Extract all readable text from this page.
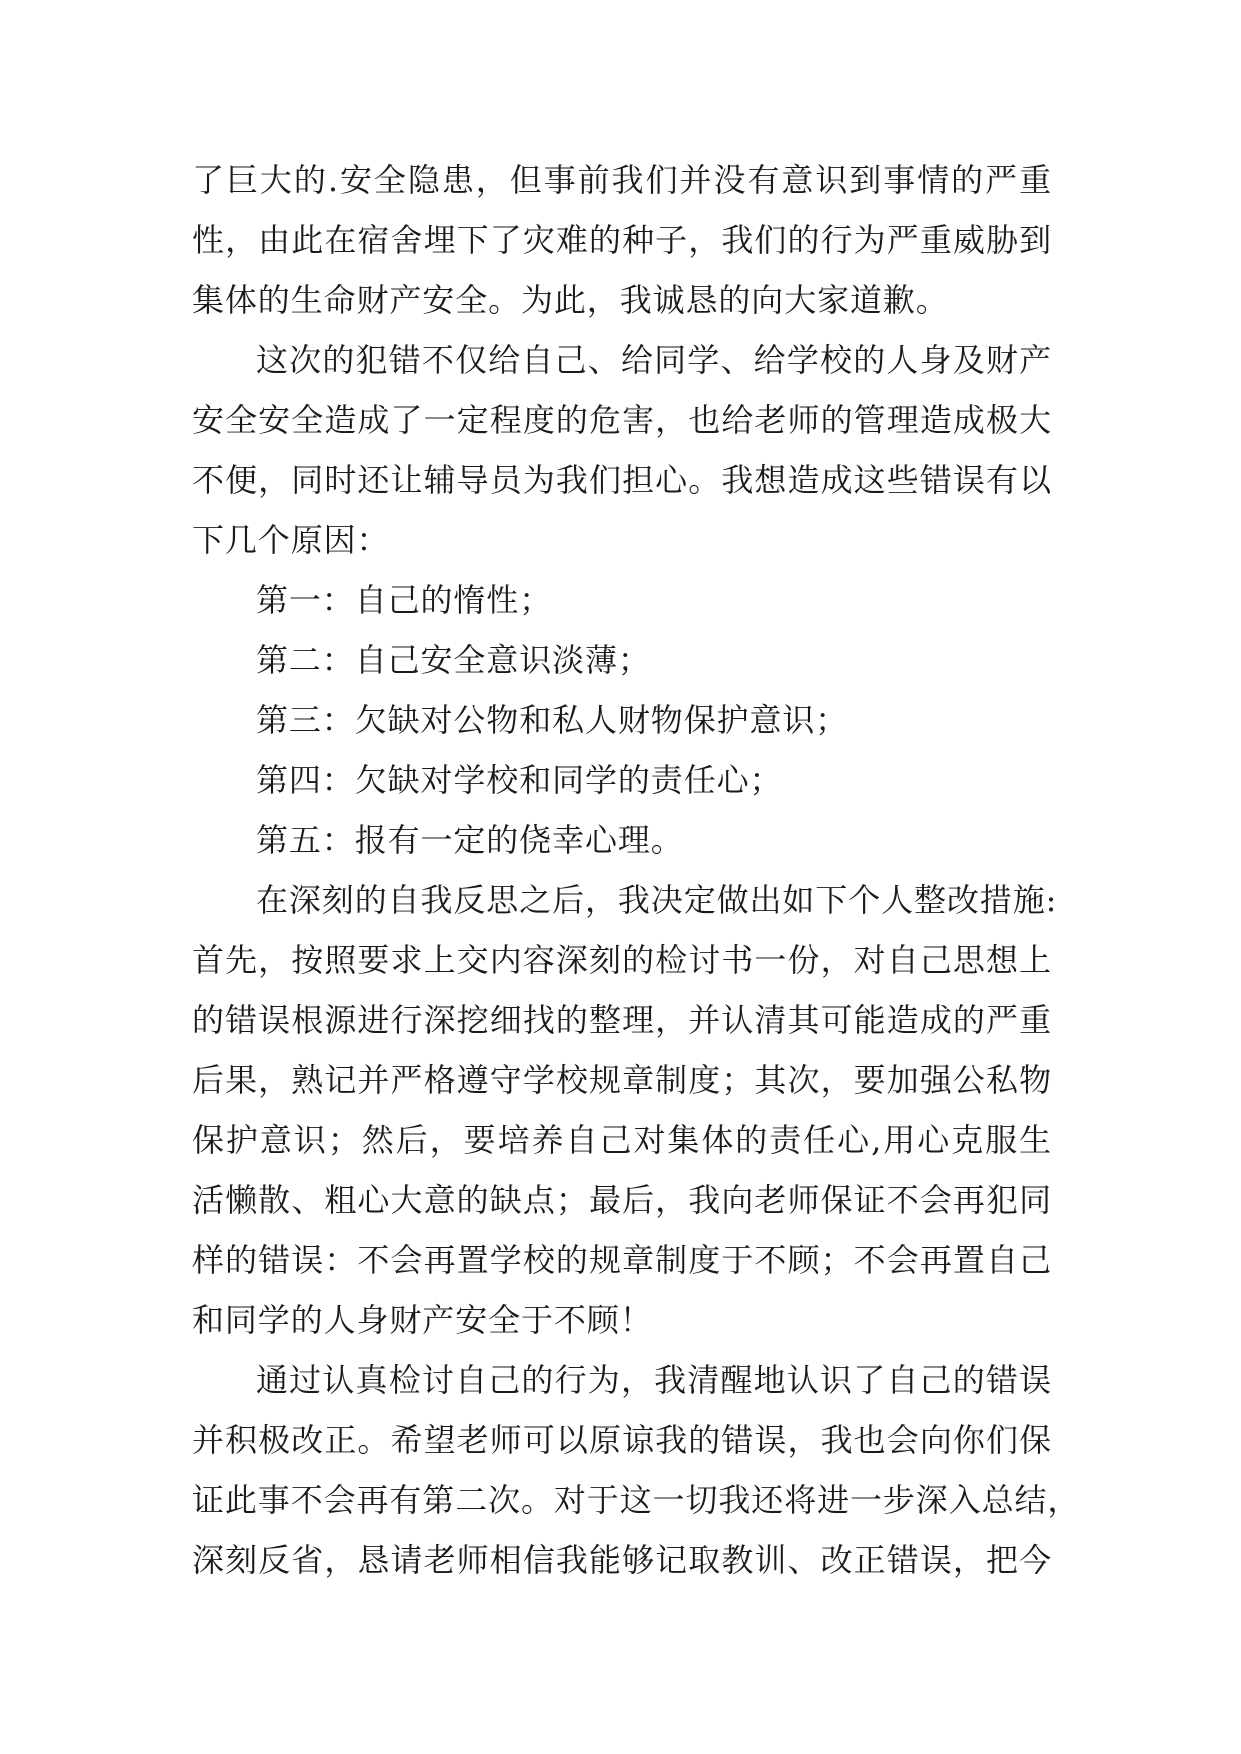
了巨大的.安全隐患，但事前我们并没有意识到事情的严重
性，由此在宿舍埋下了灾难的种子，我们的行为严重威胁到
集体的生命财产安全。为此，我诚恳的向大家道歉。
这次的犯错不仅给自己、给同学、给学校的人身及财产
安全安全造成了一定程度的危害，也给老师的管理造成极大
不便，同时还让辅导员为我们担心。我想造成这些错误有以
下几个原因：
第一：自己的惰性；
第二：自己安全意识淡薄；
第三：欠缺对公物和私人财物保护意识；
第四：欠缺对学校和同学的责任心；
第五：报有一定的侥幸心理。
在深刻的自我反思之后，我决定做出如下个人整改措施:
首先，按照要求上交内容深刻的检讨书一份，对自己思想上
的错误根源进行深挖细找的整理，并认清其可能造成的严重
后果，熟记并严格遵守学校规章制度；其次，要加强公私物
保护意识；然后，要培养自己对集体的责任心,用心克服生
活懒散、粗心大意的缺点；最后，我向老师保证不会再犯同
样的错误：不会再置学校的规章制度于不顾；不会再置自己
和同学的人身财产安全于不顾！
通过认真检讨自己的行为，我清醒地认识了自己的错误
并积极改正。希望老师可以原谅我的错误，我也会向你们保
证此事不会再有第二次。对于这一切我还将进一步深入总结，
深刻反省，恳请老师相信我能够记取教训、改正错误，把今
